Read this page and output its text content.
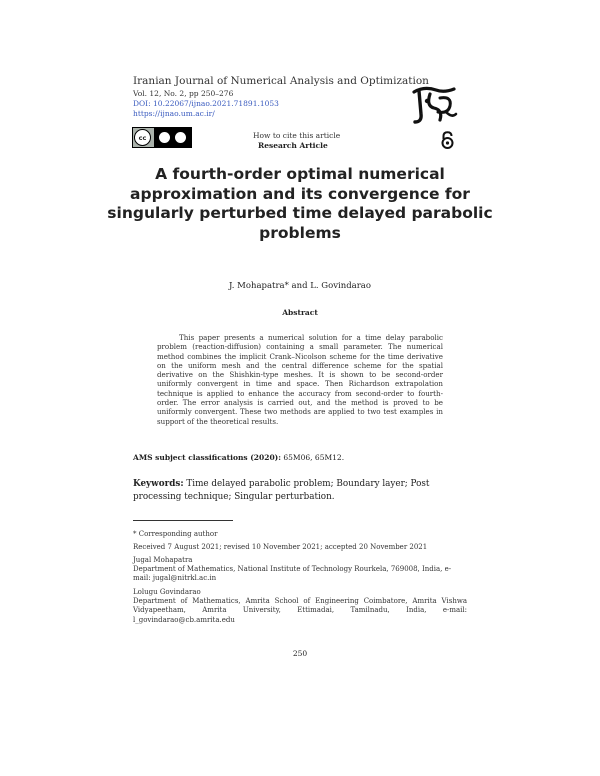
Iranian Journal of Numerical Analysis and Optimization
Vol. 12, No. 2, pp 250–276
DOI: 10.22067/ijnao.2021.71891.1053
https://ijnao.um.ac.ir/
cc	How to cite this article
Research Article
A fourth-order optimal numerical approximation and its convergence for singularly perturbed time delayed parabolic problems
J. Mohapatra* and L. Govindarao
Abstract
This paper presents a numerical solution for a time delay parabolic problem (reaction-diffusion) containing a small parameter. The numerical method combines the implicit Crank–Nicolson scheme for the time derivative on the uniform mesh and the central difference scheme for the spatial derivative on the Shishkin-type meshes. It is shown to be second-order uniformly convergent in time and space. Then Richardson extrapolation technique is applied to enhance the accuracy from second-order to fourth-order. The error analysis is carried out, and the method is proved to be uniformly convergent. These two methods are applied to two test examples in support of the theoretical results.
AMS subject classifications (2020): 65M06, 65M12.
Keywords: Time delayed parabolic problem; Boundary layer; Post processing technique; Singular perturbation.
* Corresponding author
Received 7 August 2021; revised 10 November 2021; accepted 20 November 2021
Jugal Mohapatra
Department of Mathematics, National Institute of Technology Rourkela, 769008, India, e-mail: jugal@nitrkl.ac.in
Lolugu Govindarao
Department of Mathematics, Amrita School of Engineering Coimbatore, Amrita Vishwa Vidyapeetham, Amrita University, Ettimadai, Tamilnadu, India, e-mail: l_govindarao@cb.amrita.edu
250
